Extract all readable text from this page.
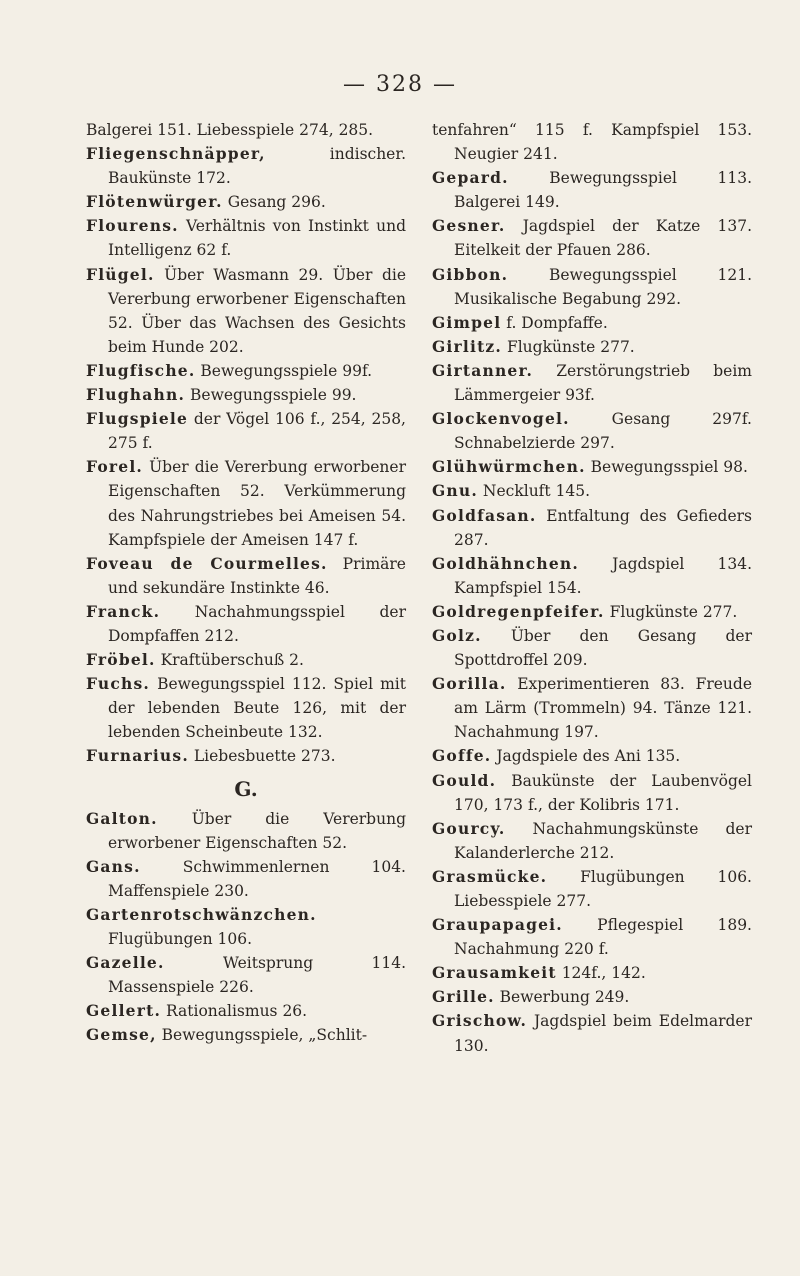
— 328 —

Balgerei 151. Liebesspiele 274, 285.

Fliegenschnäpper,	indischer. Baukünste 172.

Flötenwürger. Gesang 296.

Flourens. Verhältnis von Instinkt und Intelligenz 62 f.

Flügel. Über Wasmann 29. Über die Vererbung erworbener Eigenschaften 52. Über das Wachsen des Gesichts beim Hunde 202.

Flugfische. Bewegungsspiele 99f.

Flughahn. Bewegungsspiele 99.

Flugspiele der Vögel 106 f., 254, 258, 275 f.

Forel. Über die Vererbung erworbener Eigenschaften 52. Verkümmerung des Nahrungstriebes bei Ameisen 54. Kampfspiele der Ameisen 147 f.

Foveau de Courmelles. Primäre und sekundäre Instinkte 46.

Franck. Nachahmungsspiel der Dompfaffen 212.

Fröbel. Kraftüberschuß 2.

Fuchs. Bewegungsspiel 112. Spiel mit der lebenden Beute 126, mit der lebenden Scheinbeute 132.

Furnarius. Liebesbuette 273.

G.

Galton. Über die Vererbung erworbener Eigenschaften 52.

Gans.	Schwimmenlernen 104. Maffenspiele 230.

Gartenrotschwänzchen. Flugübungen 106.

Gazelle.	Weitsprung 114. Massenspiele 226.

Gellert. Rationalismus 26.

Gemse, Bewegungsspiele, „Schlit-

tenfahren“ 115 f. Kampfspiel 153. Neugier 241.

Gepard.	Bewegungsspiel 113. Balgerei 149.

Gesner. Jagdspiel der Katze 137. Eitelkeit der Pfauen 286.

Gibbon.	Bewegungsspiel 121. Musikalische Begabung 292.

Gimpel f. Dompfaffe.

Girlitz. Flugkünste 277.

Girtanner. Zerstörungstrieb beim Lämmergeier 93f.

Glockenvogel.	Gesang 297f. Schnabelzierde 297.

Glühwürmchen. Bewegungsspiel 98.

Gnu. Neckluft 145.

Goldfasan. Entfaltung des Gefieders 287.

Goldhähnchen. Jagdspiel 134. Kampfspiel 154.

Goldregenpfeifer. Flugkünste 277.

Golz. Über den Gesang der Spottdroffel 209.

Gorilla. Experimentieren 83. Freude am Lärm (Trommeln) 94. Tänze 121. Nachahmung 197.

Goffe. Jagdspiele des Ani 135.

Gould. Baukünste der Laubenvögel 170, 173 f., der Kolibris 171.

Gourcy. Nachahmungskünste der Kalanderlerche 212.

Grasmücke. Flugübungen 106. Liebesspiele 277.

Graupapagei. Pflegespiel 189. Nachahmung 220 f.

Grausamkeit 124f., 142.

Grille. Bewerbung 249.

Grischow. Jagdspiel beim Edelmarder 130.
